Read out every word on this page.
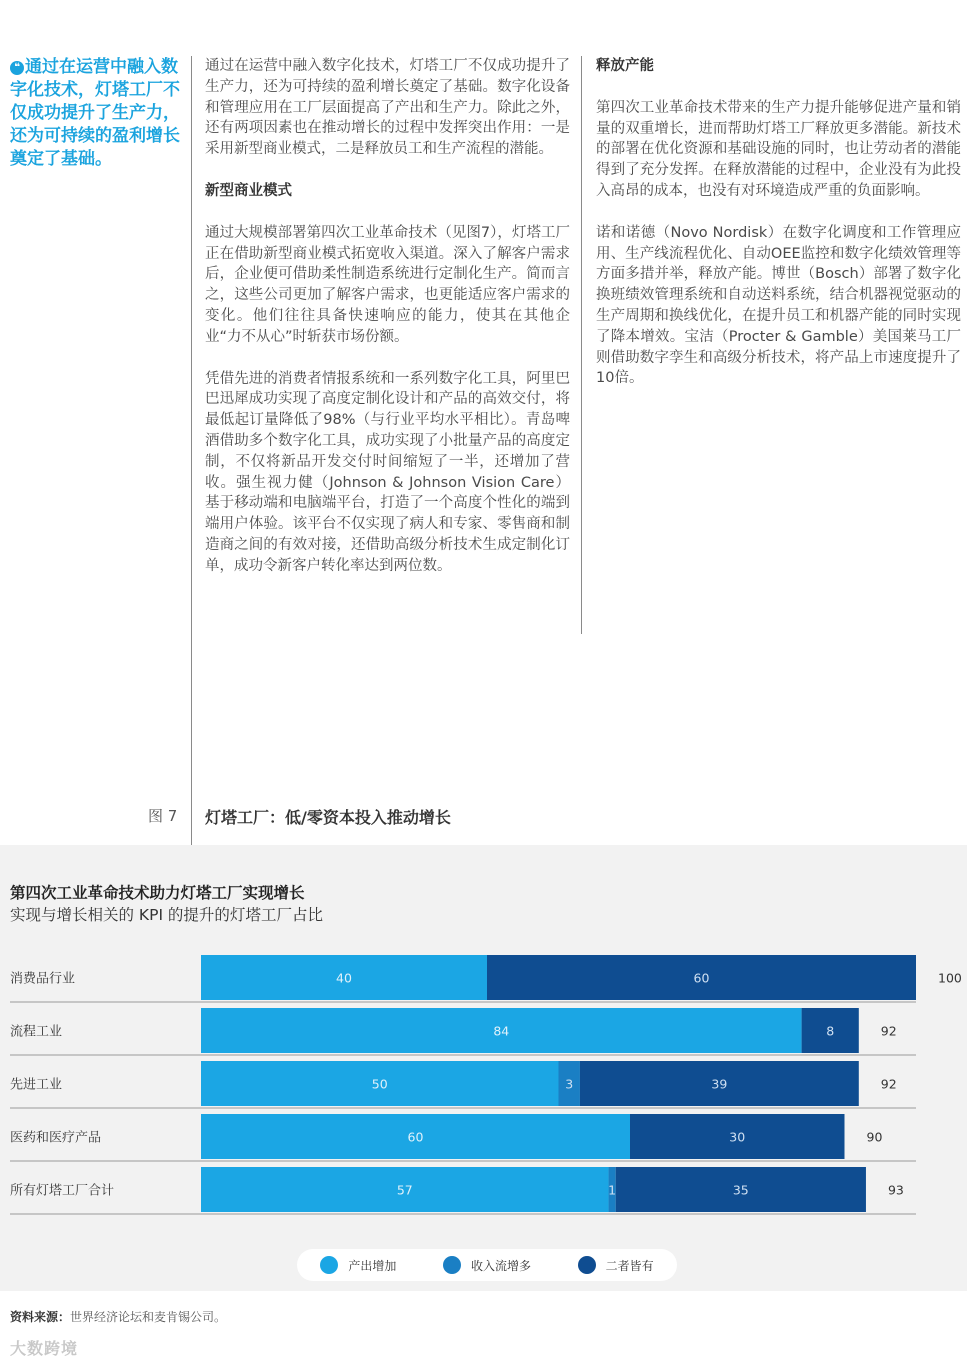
❝ 通过在运营中融入数字化技术，灯塔工厂不仅成功提升了生产力，还为可持续的盈利增长奠定了基础。

通过在运营中融入数字化技术，灯塔工厂不仅成功提升了生产力，还为可持续的盈利增长奠定了基础。数字化设备和管理应用在工厂层面提高了产出和生产力。除此之外，还有两项因素也在推动增长的过程中发挥突出作用：一是采用新型商业模式，二是释放员工和生产流程的潜能。

新型商业模式

通过大规模部署第四次工业革命技术（见图7），灯塔工厂正在借助新型商业模式拓宽收入渠道。深入了解客户需求后，企业便可借助柔性制造系统进行定制化生产。简而言之，这些公司更加了解客户需求，也更能适应客户需求的变化。他们往往具备快速响应的能力，使其在其他企业“力不从心”时斩获市场份额。

凭借先进的消费者情报系统和一系列数字化工具，阿里巴巴迅犀成功实现了高度定制化设计和产品的高效交付，将最低起订量降低了98%（与行业平均水平相比）。青岛啤酒借助多个数字化工具，成功实现了小批量产品的高度定制，不仅将新品开发交付时间缩短了一半，还增加了营收。强生视力健（Johnson & Johnson Vision Care）基于移动端和电脑端平台，打造了一个高度个性化的端到端用户体验。该平台不仅实现了病人和专家、零售商和制造商之间的有效对接，还借助高级分析技术生成定制化订单，成功令新客户转化率达到两位数。

释放产能

第四次工业革命技术带来的生产力提升能够促进产量和销量的双重增长，进而帮助灯塔工厂释放更多潜能。新技术的部署在优化资源和基础设施的同时，也让劳动者的潜能得到了充分发挥。在释放潜能的过程中，企业没有为此投入高昂的成本，也没有对环境造成严重的负面影响。

诺和诺德（Novo Nordisk）在数字化调度和工作管理应用、生产线流程优化、自动OEE监控和数字化绩效管理等方面多措并举，释放产能。博世（Bosch）部署了数字化换班绩效管理系统和自动送料系统，结合机器视觉驱动的生产周期和换线优化，在提升员工和机器产能的同时实现了降本增效。宝洁（Procter & Gamble）美国莱马工厂则借助数字孪生和高级分析技术，将产品上市速度提升了10倍。

图 7 灯塔工厂：低/零资本投入推动增长
第四次工业革命技术助力灯塔工厂实现增长
实现与增长相关的 KPI 的提升的灯塔工厂占比
消费品行业	40	60	100
流程工业	84	8	92
先进工业	50	3	39	92
医药和医疗产品	60	30	90
所有灯塔工厂合计	57	1	35	93
产出增加	收入流增多	二者皆有
资料来源：世界经济论坛和麦肯锡公司。
大数跨境
